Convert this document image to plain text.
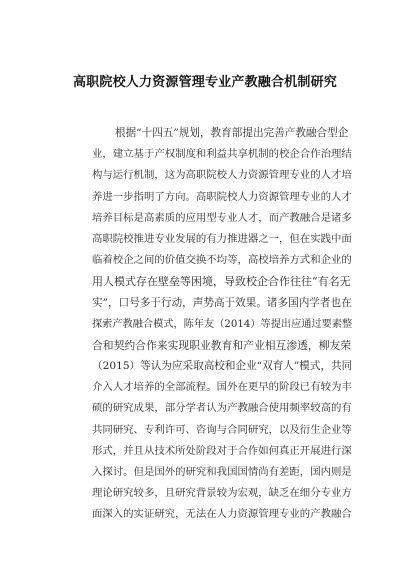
高职院校人力资源管理专业产教融合机制研究
根据“十四五”规划，教育部提出完善产教融合型企
业，建立基于产权制度和利益共享机制的校企合作治理结
构与运行机制，这为高职院校人力资源管理专业的人才培
养进一步指明了方向。高职院校人力资源管理专业的人才
培养目标是高素质的应用型专业人才，而产教融合是诸多
高职院校推进专业发展的有力推进器之一，但在实践中面
临着校企之间的价值交换不均等，高校培养方式和企业的
用人模式存在壁垒等困境，导致校企合作往往“有名无
实”，口号多于行动，声势高于效果。诸多国内学者也在
探索产教融合模式，陈年友（2014）等提出应通过要素整
合和契约合作来实现职业教育和产业相互渗透，柳友荣
（2015）等认为应采取高校和企业“双育人”模式，共同
介入人才培养的全部流程。国外在更早的阶段已有较为丰
硕的研究成果，部分学者认为产教融合使用频率较高的有
共同研究、专利许可、咨询与合同研究，以及衍生企业等
形式，并且从技术所处阶段对于合作如何真正开展进行深
入探讨。但是国外的研究和我国国情尚有差距，国内则是
理论研究较多，且研究背景较为宏观，缺乏在细分专业方
面深入的实证研究，无法在人力资源管理专业的产教融合
